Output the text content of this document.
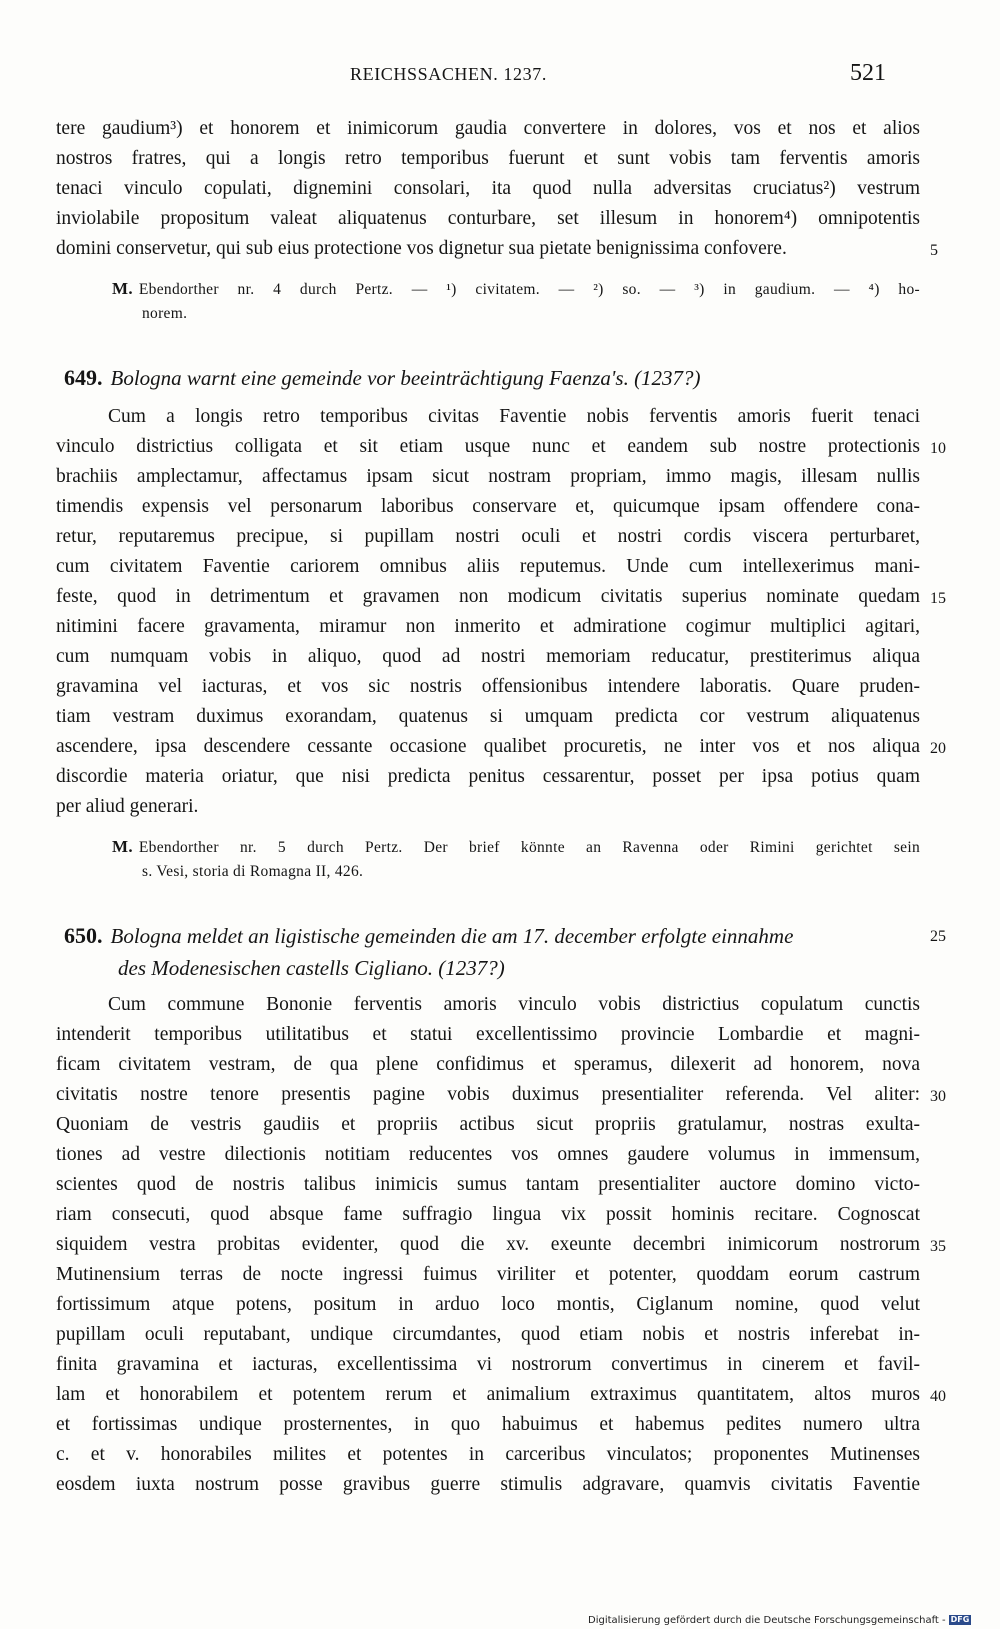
REICHSSACHEN. 1237.	521
tere gaudium³) et honorem et inimicorum gaudia convertere in dolores, vos et nos et alios
nostros fratres, qui a longis retro temporibus fuerunt et sunt vobis tam ferventis amoris
tenaci vinculo copulati, dignemini consolari, ita quod nulla adversitas cruciatus²) vestrum
inviolabile propositum valeat aliquatenus conturbare, set illesum in honorem⁴) omnipotentis
domini conservetur, qui sub eius protectione vos dignetur sua pietate benignissima confovere.	5
M. Ebendorther nr. 4 durch Pertz. — ¹) civitatem. — ²) so. — ³) in gaudium. — ⁴) ho-
norem.
649. Bologna warnt eine gemeinde vor beeinträchtigung Faenza's. (1237?)
Cum a longis retro temporibus civitas Faventie nobis ferventis amoris fuerit tenaci
vinculo districtius colligata et sit etiam usque nunc et eandem sub nostre protectionis 10
brachiis amplectamur, affectamus ipsam sicut nostram propriam, immo magis, illesam nullis
timendis expensis vel personarum laboribus conservare et, quicumque ipsam offendere cona-
retur, reputaremus precipue, si pupillam nostri oculi et nostri cordis viscera perturbaret,
cum civitatem Faventie cariorem omnibus aliis reputemus. Unde cum intellexerimus mani-
feste, quod in detrimentum et gravamen non modicum civitatis superius nominate quedam 15
nitimini facere gravamenta, miramur non inmerito et admiratione cogimur multiplici agitari,
cum numquam vobis in aliquo, quod ad nostri memoriam reducatur, prestiterimus aliqua
gravamina vel iacturas, et vos sic nostris offensionibus intendere laboratis. Quare pruden-
tiam vestram duximus exorandam, quatenus si umquam predicta cor vestrum aliquatenus
ascendere, ipsa descendere cessante occasione qualibet procuretis, ne inter vos et nos aliqua 20
discordie materia oriatur, que nisi predicta penitus cessarentur, posset per ipsa potius quam
per aliud generari.
M. Ebendorther nr. 5 durch Pertz. Der brief könnte an Ravenna oder Rimini gerichtet sein
s. Vesi, storia di Romagna II, 426.
650. Bologna meldet an ligistische gemeinden die am 17. december erfolgte einnahme	25
des Modenesischen castells Cigliano. (1237?)
Cum commune Bononie ferventis amoris vinculo vobis districtius copulatum cunctis
intenderit temporibus utilitatibus et statui excellentissimo provincie Lombardie et magni-
ficam civitatem vestram, de qua plene confidimus et speramus, dilexerit ad honorem, nova
civitatis nostre tenore presentis pagine vobis duximus presentialiter referenda. Vel aliter: 30
Quoniam de vestris gaudiis et propriis actibus sicut propriis gratulamur, nostras exulta-
tiones ad vestre dilectionis notitiam reducentes vos omnes gaudere volumus in immensum,
scientes quod de nostris talibus inimicis sumus tantam presentialiter auctore domino victo-
riam consecuti, quod absque fame suffragio lingua vix possit hominis recitare. Cognoscat
siquidem vestra probitas evidenter, quod die xv. exeunte decembri inimicorum nostrorum 35
Mutinensium terras de nocte ingressi fuimus viriliter et potenter, quoddam eorum castrum
fortissimum atque potens, positum in arduo loco montis, Ciglanum nomine, quod velut
pupillam oculi reputabant, undique circumdantes, quod etiam nobis et nostris inferebat in-
finita gravamina et iacturas, excellentissima vi nostrorum convertimus in cinerem et favil-
lam et honorabilem et potentem rerum et animalium extraximus quantitatem, altos muros 40
et fortissimas undique prosternentes, in quo habuimus et habemus pedites numero ultra
c. et v. honorabiles milites et potentes in carceribus vinculatos; proponentes Mutinenses
eosdem iuxta nostrum posse gravibus guerre stimulis adgravare, quamvis civitatis Faventie
Digitalisierung gefördert durch die Deutsche Forschungsgemeinschaft - DFG
